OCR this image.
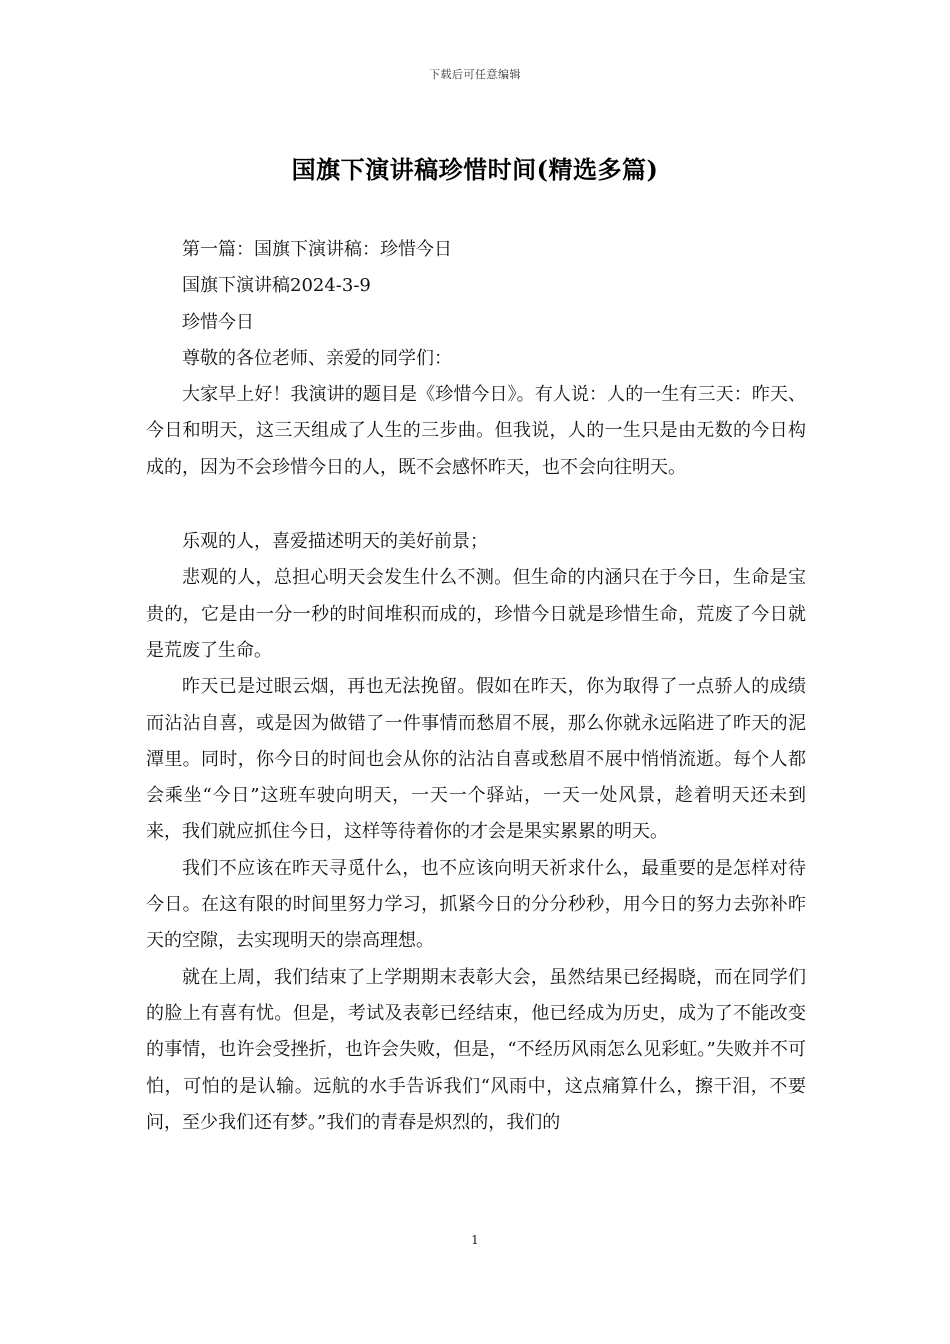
下载后可任意编辑
国旗下演讲稿珍惜时间(精选多篇)

第一篇：国旗下演讲稿：珍惜今日

国旗下演讲稿2024-3-9

珍惜今日

尊敬的各位老师、亲爱的同学们：

大家早上好！我演讲的题目是《珍惜今日》。有人说：人的一生有三天：昨天、今日和明天，这三天组成了人生的三步曲。但我说，人的一生只是由无数的今日构成的，因为不会珍惜今日的人，既不会感怀昨天，也不会向往明天。

乐观的人，喜爱描述明天的美好前景；

悲观的人，总担心明天会发生什么不测。但生命的内涵只在于今日，生命是宝贵的，它是由一分一秒的时间堆积而成的，珍惜今日就是珍惜生命，荒废了今日就是荒废了生命。

昨天已是过眼云烟，再也无法挽留。假如在昨天，你为取得了一点骄人的成绩而沾沾自喜，或是因为做错了一件事情而愁眉不展，那么你就永远陷进了昨天的泥潭里。同时，你今日的时间也会从你的沾沾自喜或愁眉不展中悄悄流逝。每个人都会乘坐“今日”这班车驶向明天，一天一个驿站，一天一处风景，趁着明天还未到来，我们就应抓住今日，这样等待着你的才会是果实累累的明天。

我们不应该在昨天寻觅什么，也不应该向明天祈求什么，最重要的是怎样对待今日。在这有限的时间里努力学习，抓紧今日的分分秒秒，用今日的努力去弥补昨天的空隙，去实现明天的崇高理想。

就在上周，我们结束了上学期期末表彰大会，虽然结果已经揭晓，而在同学们的脸上有喜有忧。但是，考试及表彰已经结束，他已经成为历史，成为了不能改变的事情，也许会受挫折，也许会失败，但是，“不经历风雨怎么见彩虹。”失败并不可怕，可怕的是认输。远航的水手告诉我们“风雨中，这点痛算什么，擦干泪，不要问，至少我们还有梦。”我们的青春是炽烈的，我们的

1
